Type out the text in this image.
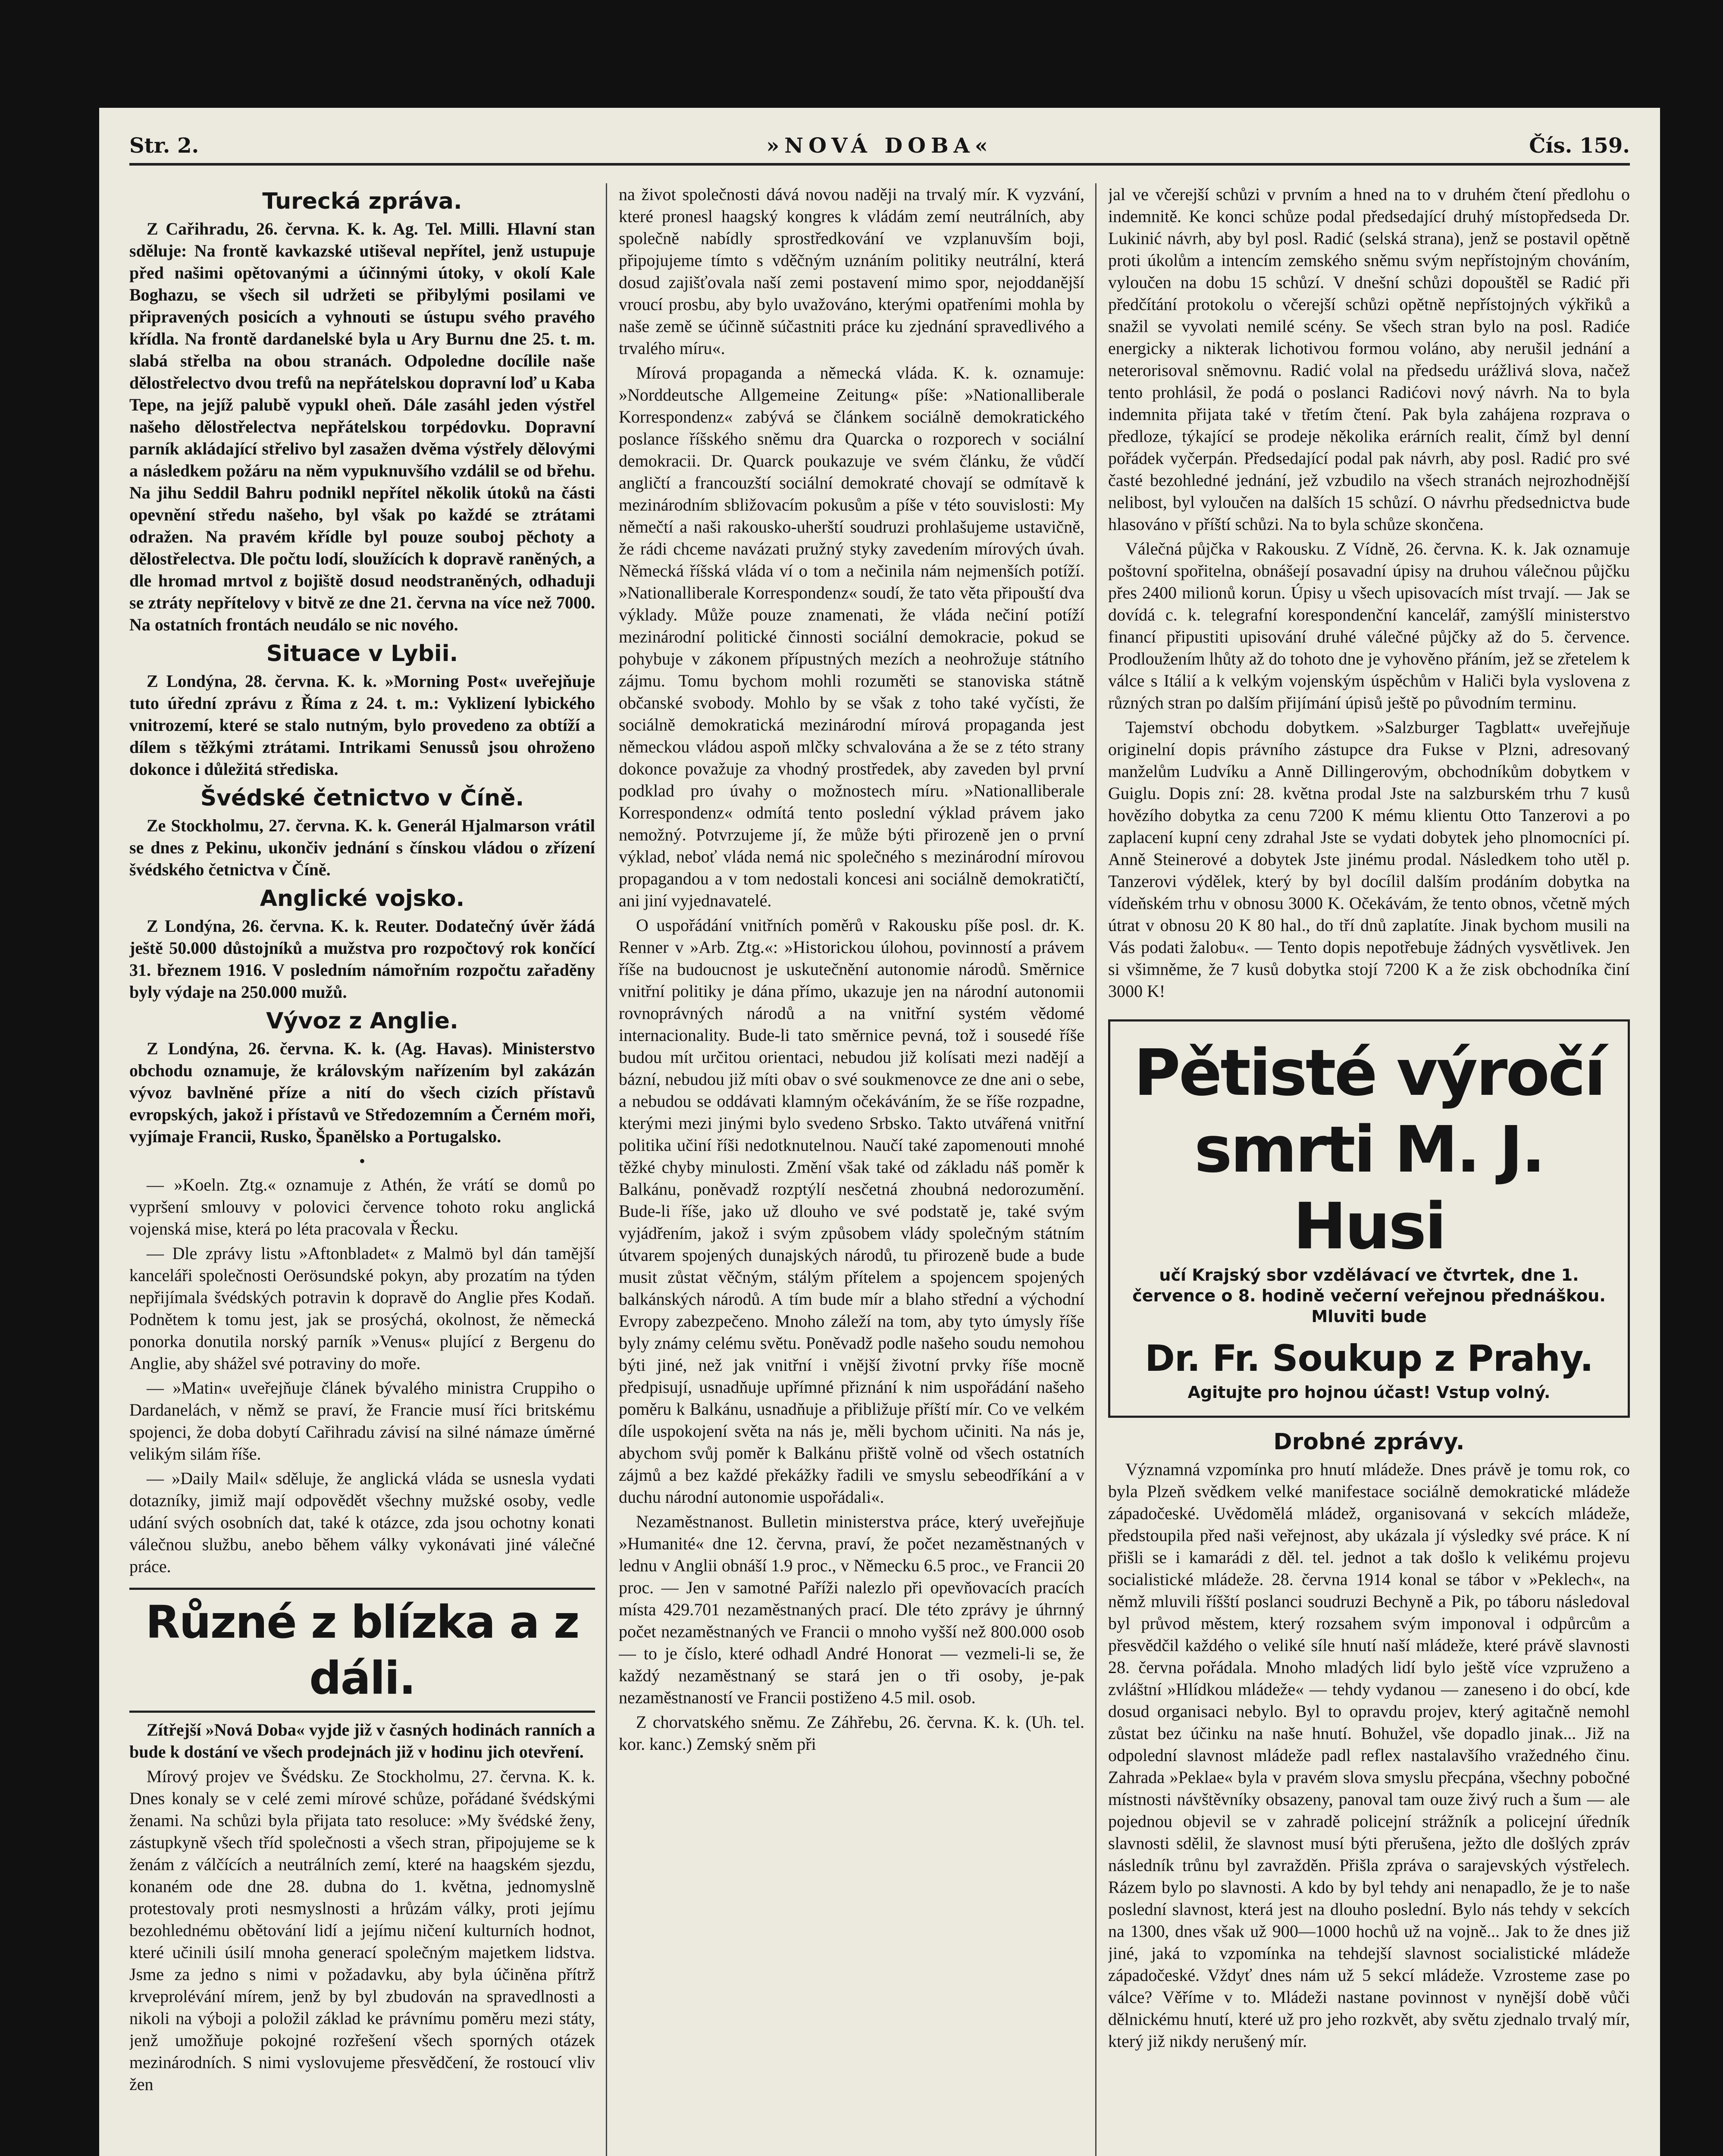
Str. 2.	»NOVÁ DOBA«	Čís. 159.
Turecká zpráva.

Z Cařihradu, 26. června. K. k. Ag. Tel. Milli. Hlavní stan sděluje: Na frontě kavkazské utiševal nepřítel, jenž ustupuje před našimi opětovanými a účinnými útoky, v okolí Kale Boghazu, se všech sil udržeti se přibylými posilami ve připravených posicích a vyhnouti se ústupu svého pravého křídla. Na frontě dardanelské byla u Ary Burnu dne 25. t. m. slabá střelba na obou stranách. Odpoledne docílile naše dělostřelectvo dvou trefů na nepřátelskou dopravní loď u Kaba Tepe, na jejíž palubě vypukl oheň. Dále zasáhl jeden výstřel našeho dělostřelectva nepřátelskou torpédovku. Dopravní parník akládající střelivo byl zasažen dvěma výstřely dělovými a následkem požáru na něm vypuknuvšího vzdálil se od břehu. Na jihu Seddil Bahru podnikl nepřítel několik útoků na části opevnění středu našeho, byl však po každé se ztrátami odražen. Na pravém křídle byl pouze souboj pěchoty a dělostřelectva. Dle počtu lodí, sloužících k dopravě raněných, a dle hromad mrtvol z bojiště dosud neodstraněných, odhaduji se ztráty nepřítelovy v bitvě ze dne 21. června na více než 7000. Na ostatních frontách neudálo se nic nového.

Situace v Lybii.

Z Londýna, 28. června. K. k. »Morning Post« uveřejňuje tuto úřední zprávu z Říma z 24. t. m.: Vyklizení lybického vnitrozemí, které se stalo nutným, bylo provedeno za obtíží a dílem s těžkými ztrátami. Intrikami Senussů jsou ohroženo dokonce i důležitá střediska.

Švédské četnictvo v Číně.

Ze Stockholmu, 27. června. K. k. Generál Hjalmarson vrátil se dnes z Pekinu, ukončiv jednání s čínskou vládou o zřízení švédského četnictva v Číně.

Anglické vojsko.

Z Londýna, 26. června. K. k. Reuter. Dodatečný úvěr žádá ještě 50.000 důstojníků a mužstva pro rozpočtový rok končící 31. březnem 1916. V posledním námořním rozpočtu zařaděny byly výdaje na 250.000 mužů.

Vývoz z Anglie.

Z Londýna, 26. června. K. k. (Ag. Havas). Ministerstvo obchodu oznamuje, že královským nařízením byl zakázán vývoz bavlněné příze a nití do všech cizích přístavů evropských, jakož i přístavů ve Středozemním a Černém moři, vyjímaje Francii, Rusko, Španělsko a Portugalsko.

•

— »Koeln. Ztg.« oznamuje z Athén, že vrátí se domů po vypršení smlouvy v polovici července tohoto roku anglická vojenská mise, která po léta pracovala v Řecku.

— Dle zprávy listu »Aftonbladet« z Malmö byl dán tamější kanceláři společnosti Oerösundské pokyn, aby prozatím na týden nepřijímala švédských potravin k dopravě do Anglie přes Kodaň. Podnětem k tomu jest, jak se prosýchá, okolnost, že německá ponorka donutila norský parník »Venus« plující z Bergenu do Anglie, aby shážel své potraviny do moře.

— »Matin« uveřejňuje článek bývalého ministra Cruppiho o Dardanelách, v němž se praví, že Francie musí říci britskému spojenci, že doba dobytí Cařihradu závisí na silné námaze úměrné velikým silám říše.

— »Daily Mail« sděluje, že anglická vláda se usnesla vydati dotazníky, jimiž mají odpovědět všechny mužské osoby, vedle udání svých osobních dat, také k otázce, zda jsou ochotny konati válečnou službu, anebo během války vykonávati jiné válečné práce.

Různé z blízka a z dáli.

Zítřejší »Nová Doba« vyjde již v časných hodinách ranních a bude k dostání ve všech prodejnách již v hodinu jich otevření.

Mírový projev ve Švédsku. Ze Stockholmu, 27. června. K. k. Dnes konaly se v celé zemi mírové schůze, pořádané švédskými ženami. Na schůzi byla přijata tato resoluce: »My švédské ženy, zástupkyně všech tříd společnosti a všech stran, připojujeme se k ženám z válčících a neutrálních zemí, které na haagském sjezdu, konaném ode dne 28. dubna do 1. května, jednomyslně protestovaly proti nesmyslnosti a hrůzám války, proti jejímu bezohlednému obětování lidí a jejímu ničení kulturních hodnot, které učinili úsilí mnoha generací společným majetkem lidstva. Jsme za jedno s nimi v požadavku, aby byla účiněna přítrž krveprolévání mírem, jenž by byl zbudován na spravedlnosti a nikoli na výboji a položil základ ke právnímu poměru mezi státy, jenž umožňuje pokojné rozřešení všech sporných otázek mezinárodních. S nimi vyslovujeme přesvědčení, že rostoucí vliv žen

na život společnosti dává novou naději na trvalý mír. K vyzvání, které pronesl haagský kongres k vládám zemí neutrálních, aby společně nabídly sprostředkování ve vzplanuvším boji, připojujeme tímto s vděčným uznáním politiky neutrální, která dosud zajišťovala naší zemi postavení mimo spor, nejoddanější vroucí prosbu, aby bylo uvažováno, kterými opatřeními mohla by naše země se účinně súčastniti práce ku zjednání spravedlivého a trvalého míru«.

Mírová propaganda a německá vláda. K. k. oznamuje: »Norddeutsche Allgemeine Zeitung« píše: »Nationalliberale Korrespondenz« zabývá se článkem sociálně demokratického poslance říšského sněmu dra Quarcka o rozporech v sociální demokracii. Dr. Quarck poukazuje ve svém článku, že vůdčí angličtí a francouzští sociální demokraté chovají se odmítavě k mezinárodním sbližovacím pokusům a píše v této souvislosti: My němečtí a naši rakousko-uherští soudruzi prohlašujeme ustavičně, že rádi chceme navázati pružný styky zavedením mírových úvah. Německá říšská vláda ví o tom a nečinila nám nejmenších potíží. »Nationalliberale Korrespondenz« soudí, že tato věta připouští dva výklady. Může pouze znamenati, že vláda nečiní potíží mezinárodní politické činnosti sociální demokracie, pokud se pohybuje v zákonem přípustných mezích a neohrožuje státního zájmu. Tomu bychom mohli rozuměti se stanoviska státně občanské svobody. Mohlo by se však z toho také vyčísti, že sociálně demokratická mezinárodní mírová propaganda jest německou vládou aspoň mlčky schvalována a že se z této strany dokonce považuje za vhodný prostředek, aby zaveden byl první podklad pro úvahy o možnostech míru. »Nationalliberale Korrespondenz« odmítá tento poslední výklad právem jako nemožný. Potvrzujeme jí, že může býti přirozeně jen o první výklad, neboť vláda nemá nic společného s mezinárodní mírovou propagandou a v tom nedostali koncesi ani sociálně demokratičtí, ani jiní vyjednavatelé.

O uspořádání vnitřních poměrů v Rakousku píše posl. dr. K. Renner v »Arb. Ztg.«: »Historickou úlohou, povinností a právem říše na budoucnost je uskutečnění autonomie národů. Směrnice vnitřní politiky je dána přímo, ukazuje jen na národní autonomii rovnoprávných národů a na vnitřní systém vědomé internacionality. Bude-li tato směrnice pevná, tož i sousedé říše budou mít určitou orientaci, nebudou již kolísati mezi nadějí a bázní, nebudou již míti obav o své soukmenovce ze dne ani o sebe, a nebudou se oddávati klamným očekáváním, že se říše rozpadne, kterými mezi jinými bylo svedeno Srbsko. Takto utvářená vnitřní politika učiní říši nedotknutelnou. Naučí také zapomenouti mnohé těžké chyby minulosti. Změní však také od základu náš poměr k Balkánu, poněvadž rozptýlí nesčetná zhoubná nedorozumění. Bude-li říše, jako už dlouho ve své podstatě je, také svým vyjádřením, jakož i svým způsobem vlády společným státním útvarem spojených dunajských národů, tu přirozeně bude a bude musit zůstat věčným, stálým přítelem a spojencem spojených balkánských národů. A tím bude mír a blaho střední a východní Evropy zabezpečeno. Mnoho záleží na tom, aby tyto úmysly říše byly známy celému světu. Poněvadž podle našeho soudu nemohou býti jiné, než jak vnitřní i vnější životní prvky říše mocně předpisují, usnadňuje upřímné přiznání k nim uspořádání našeho poměru k Balkánu, usnadňuje a přibližuje příští mír. Co ve velkém díle uspokojení světa na nás je, měli bychom učiniti. Na nás je, abychom svůj poměr k Balkánu přiště volně od všech ostatních zájmů a bez každé překážky řadili ve smyslu sebeodříkání a v duchu národní autonomie uspořádali«.

Nezaměstnanost. Bulletin ministerstva práce, který uveřejňuje »Humanité« dne 12. června, praví, že počet nezaměstnaných v lednu v Anglii obnáší 1.9 proc., v Německu 6.5 proc., ve Francii 20 proc. — Jen v samotné Paříži nalezlo při opevňovacích pracích místa 429.701 nezaměstnaných prací. Dle této zprávy je úhrnný počet nezaměstnaných ve Francii o mnoho vyšší než 800.000 osob — to je číslo, které odhadl André Honorat — vezmeli-li se, že každý nezaměstnaný se stará jen o tři osoby, je-pak nezaměstnaností ve Francii postiženo 4.5 mil. osob.

Z chorvatského sněmu. Ze Záhřebu, 26. června. K. k. (Uh. tel. kor. kanc.) Zemský sněm při

jal ve včerejší schůzi v prvním a hned na to v druhém čtení předlohu o indemnitě. Ke konci schůze podal předsedající druhý místopředseda Dr. Lukinić návrh, aby byl posl. Radić (selská strana), jenž se postavil opětně proti úkolům a intencím zemského sněmu svým nepřístojným chováním, vyloučen na dobu 15 schůzí. V dnešní schůzi dopouštěl se Radić při předčítání protokolu o včerejší schůzi opětně nepřístojných výkřiků a snažil se vyvolati nemilé scény. Se všech stran bylo na posl. Radiće energicky a nikterak lichotivou formou voláno, aby nerušil jednání a neterorisoval sněmovnu. Radić volal na předsedu urážlivá slova, načež tento prohlásil, že podá o poslanci Radićovi nový návrh. Na to byla indemnita přijata také v třetím čtení. Pak byla zahájena rozprava o předloze, týkající se prodeje několika erárních realit, čímž byl denní pořádek vyčerpán. Předsedající podal pak návrh, aby posl. Radić pro své časté bezohledné jednání, jež vzbudilo na všech stranách nejrozhodnější nelibost, byl vyloučen na dalších 15 schůzí. O návrhu předsednictva bude hlasováno v příští schůzi. Na to byla schůze skončena.

Válečná půjčka v Rakousku. Z Vídně, 26. června. K. k. Jak oznamuje poštovní spořitelna, obnášejí posavadní úpisy na druhou válečnou půjčku přes 2400 milionů korun. Úpisy u všech upisovacích míst trvají. — Jak se dovídá c. k. telegrafní korespondenční kancelář, zamýšlí ministerstvo financí připustiti upisování druhé válečné půjčky až do 5. července. Prodloužením lhůty až do tohoto dne je vyhověno přáním, jež se zřetelem k válce s Itálií a k velkým vojenským úspěchům v Haliči byla vyslovena z různých stran po dalším přijímání úpisů ještě po původním terminu.

Tajemství obchodu dobytkem. »Salzburger Tagblatt« uveřejňuje originelní dopis právního zástupce dra Fukse v Plzni, adresovaný manželům Ludvíku a Anně Dillingerovým, obchodníkům dobytkem v Guiglu. Dopis zní: 28. května prodal Jste na salzburském trhu 7 kusů hovězího dobytka za cenu 7200 K mému klientu Otto Tanzerovi a po zaplacení kupní ceny zdrahal Jste se vydati dobytek jeho plnomocníci pí. Anně Steinerové a dobytek Jste jinému prodal. Následkem toho utěl p. Tanzerovi výdělek, který by byl docílil dalším prodáním dobytka na vídeňském trhu v obnosu 3000 K. Očekávám, že tento obnos, včetně mých útrat v obnosu 20 K 80 hal., do tří dnů zaplatíte. Jinak bychom musili na Vás podati žalobu«. — Tento dopis nepotřebuje žádných vysvětlivek. Jen si všimněme, že 7 kusů dobytka stojí 7200 K a že zisk obchodníka činí 3000 K!

Pětisté výročí
smrti M. J. Husi
učí Krajský sbor vzdělávací ve čtvrtek, dne 1. července o 8. hodině večerní veřejnou přednáškou. Mluviti bude
Dr. Fr. Soukup z Prahy.
Agitujte pro hojnou účast! Vstup volný.
Drobné zprávy.

Významná vzpomínka pro hnutí mládeže. Dnes právě je tomu rok, co byla Plzeň svědkem velké manifestace sociálně demokratické mládeže západočeské. Uvědomělá mládež, organisovaná v sekcích mládeže, předstoupila před naši veřejnost, aby ukázala jí výsledky své práce. K ní přišli se i kamarádi z děl. tel. jednot a tak došlo k velikému projevu socialistické mládeže. 28. června 1914 konal se tábor v »Peklech«, na němž mluvili říšští poslanci soudruzi Bechyně a Pik, po táboru následoval byl průvod městem, který rozsahem svým imponoval i odpůrcům a přesvědčil každého o veliké síle hnutí naší mládeže, které právě slavnosti 28. června pořádala. Mnoho mladých lidí bylo ještě více vzpruženo a zvláštní »Hlídkou mládeže« — tehdy vydanou — zaneseno i do obcí, kde dosud organisaci nebylo. Byl to opravdu projev, který agitačně nemohl zůstat bez účinku na naše hnutí. Bohužel, vše dopadlo jinak... Již na odpolední slavnost mládeže padl reflex nastalavšího vražedného činu. Zahrada »Peklae« byla v pravém slova smyslu přecpána, všechny pobočné místnosti návštěvníky obsazeny, panoval tam ouze živý ruch a šum — ale pojednou objevil se v zahradě policejní strážník a policejní úředník slavnosti sdělil, že slavnost musí býti přerušena, ježto dle došlých zpráv následník trůnu byl zavražděn. Přišla zpráva o sarajevských výstřelech. Rázem bylo po slavnosti. A kdo by byl tehdy ani nenapadlo, že je to naše poslední slavnost, která jest na dlouho poslední. Bylo nás tehdy v sekcích na 1300, dnes však už 900—1000 hochů už na vojně... Jak to že dnes již jiné, jaká to vzpomínka na tehdejší slavnost socialistické mládeže západočeské. Vždyť dnes nám už 5 sekcí mládeže. Vzrosteme zase po válce? Věříme v to. Mládeži nastane povinnost v nynější době vůči dělnickému hnutí, které už pro jeho rozkvět, aby světu zjednalo trvalý mír, který již nikdy nerušený mír.
